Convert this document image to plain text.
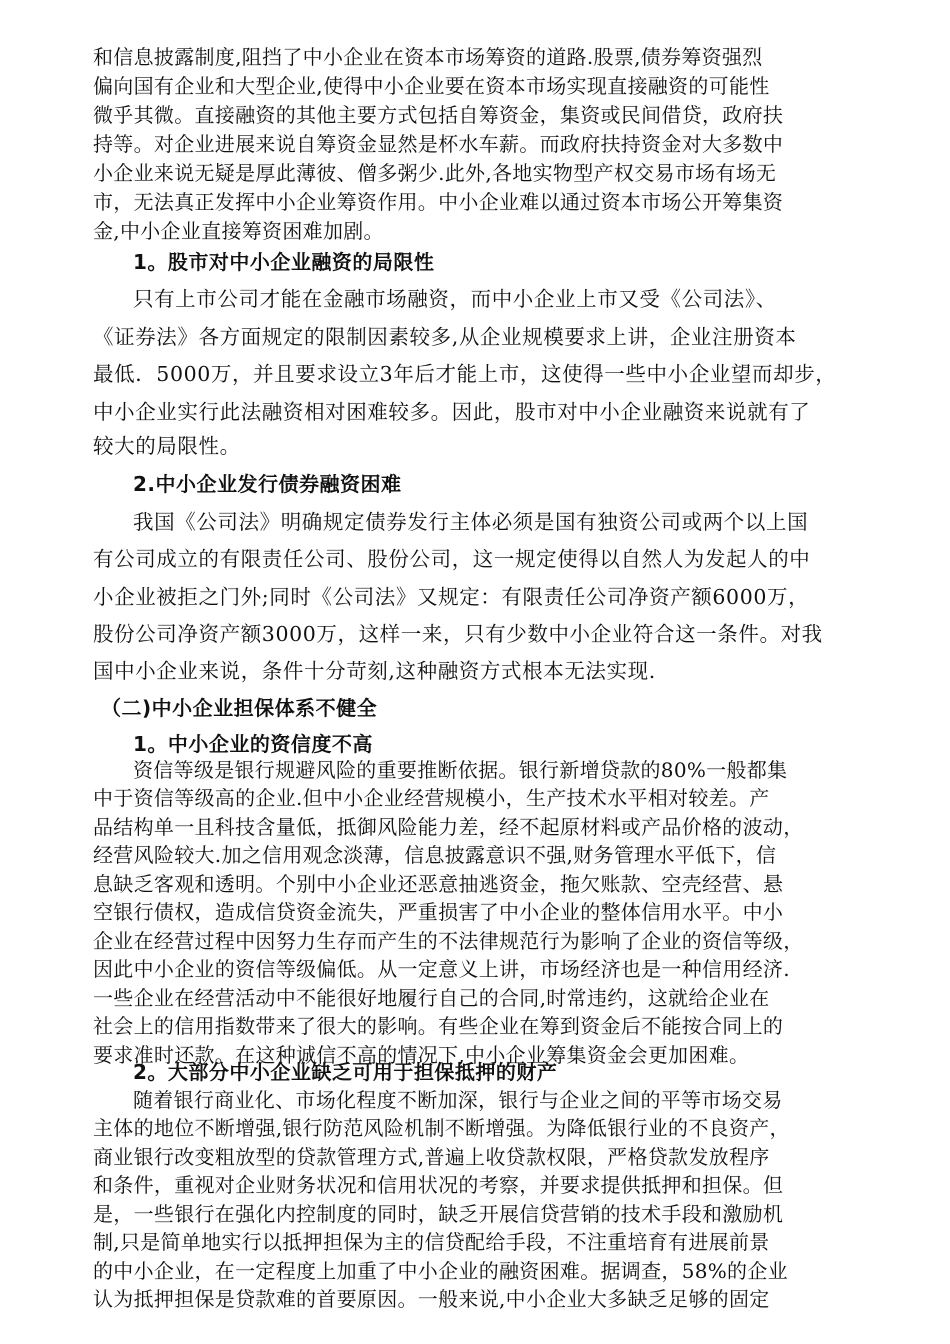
和信息披露制度,阻挡了中小企业在资本市场筹资的道路.股票,债券筹资强烈
偏向国有企业和大型企业,使得中小企业要在资本市场实现直接融资的可能性
微乎其微。直接融资的其他主要方式包括自筹资金，集资或民间借贷，政府扶
持等。对企业进展来说自筹资金显然是杯水车薪。而政府扶持资金对大多数中
小企业来说无疑是厚此薄彼、僧多粥少.此外,各地实物型产权交易市场有场无
市，无法真正发挥中小企业筹资作用。中小企业难以通过资本市场公开筹集资
金,中小企业直接筹资困难加剧。
1。股市对中小企业融资的局限性
只有上市公司才能在金融市场融资，而中小企业上市又受《公司法》、
《证券法》各方面规定的限制因素较多,从企业规模要求上讲，企业注册资本
最低．5000万，并且要求设立3年后才能上市，这使得一些中小企业望而却步，
中小企业实行此法融资相对困难较多。因此，股市对中小企业融资来说就有了
较大的局限性。
2.中小企业发行债券融资困难
我国《公司法》明确规定债券发行主体必须是国有独资公司或两个以上国
有公司成立的有限责任公司、股份公司，这一规定使得以自然人为发起人的中
小企业被拒之门外;同时《公司法》又规定：有限责任公司净资产额6000万，
股份公司净资产额3000万，这样一来，只有少数中小企业符合这一条件。对我
国中小企业来说，条件十分苛刻,这种融资方式根本无法实现.
（二)中小企业担保体系不健全
1。中小企业的资信度不高
资信等级是银行规避风险的重要推断依据。银行新增贷款的80%一般都集
中于资信等级高的企业.但中小企业经营规模小，生产技术水平相对较差。产
品结构单一且科技含量低，抵御风险能力差，经不起原材料或产品价格的波动，
经营风险较大.加之信用观念淡薄，信息披露意识不强,财务管理水平低下，信
息缺乏客观和透明。个别中小企业还恶意抽逃资金，拖欠账款、空壳经营、悬
空银行债权，造成信贷资金流失，严重损害了中小企业的整体信用水平。中小
企业在经营过程中因努力生存而产生的不法律规范行为影响了企业的资信等级，
因此中小企业的资信等级偏低。从一定意义上讲，市场经济也是一种信用经济.
一些企业在经营活动中不能很好地履行自己的合同,时常违约，这就给企业在
社会上的信用指数带来了很大的影响。有些企业在筹到资金后不能按合同上的
要求准时还款。在这种诚信不高的情况下,中小企业筹集资金会更加困难。
2。大部分中小企业缺乏可用于担保抵押的财产
随着银行商业化、市场化程度不断加深，银行与企业之间的平等市场交易
主体的地位不断增强,银行防范风险机制不断增强。为降低银行业的不良资产，
商业银行改变粗放型的贷款管理方式,普遍上收贷款权限，严格贷款发放程序
和条件，重视对企业财务状况和信用状况的考察，并要求提供抵押和担保。但
是，一些银行在强化内控制度的同时，缺乏开展信贷营销的技术手段和激励机
制,只是简单地实行以抵押担保为主的信贷配给手段，不注重培育有进展前景
的中小企业，在一定程度上加重了中小企业的融资困难。据调查，58%的企业
认为抵押担保是贷款难的首要原因。一般来说,中小企业大多缺乏足够的固定
